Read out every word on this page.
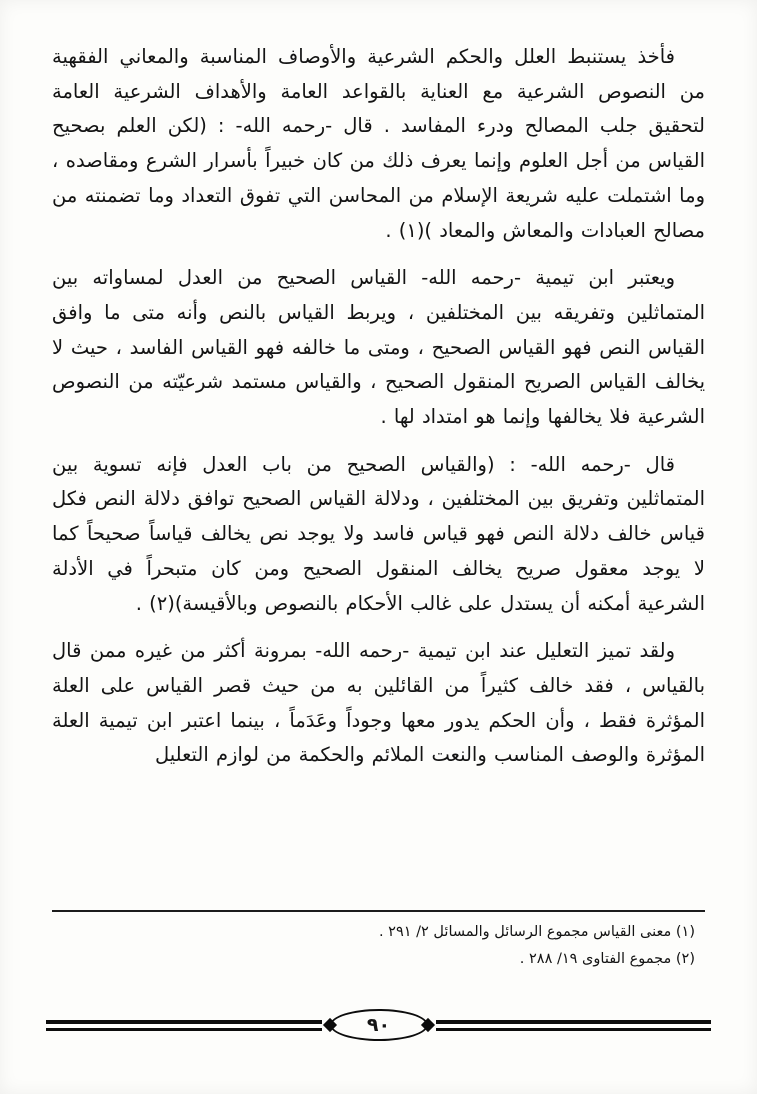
فأخذ يستنبط العلل والحكم الشرعية والأوصاف المناسبة والمعاني الفقهية من النصوص الشرعية مع العناية بالقواعد العامة والأهداف الشرعية العامة لتحقيق جلب المصالح ودرء المفاسد . قال -رحمه الله- : (لكن العلم بصحيح القياس من أجل العلوم وإنما يعرف ذلك من كان خبيراً بأسرار الشرع ومقاصده ، وما اشتملت عليه شريعة الإسلام من المحاسن التي تفوق التعداد وما تضمنته من مصالح العبادات والمعاش والمعاد )(١) .

ويعتبر ابن تيمية -رحمه الله- القياس الصحيح من العدل لمساواته بين المتماثلين وتفريقه بين المختلفين ، ويربط القياس بالنص وأنه متى ما وافق القياس النص فهو القياس الصحيح ، ومتى ما خالفه فهو القياس الفاسد ، حيث لا يخالف القياس الصريح المنقول الصحيح ، والقياس مستمد شرعيّته من النصوص الشرعية فلا يخالفها وإنما هو امتداد لها .

قال -رحمه الله- : (والقياس الصحيح من باب العدل فإنه تسوية بين المتماثلين وتفريق بين المختلفين ، ودلالة القياس الصحيح توافق دلالة النص فكل قياس خالف دلالة النص فهو قياس فاسد ولا يوجد نص يخالف قياساً صحيحاً كما لا يوجد معقول صريح يخالف المنقول الصحيح ومن كان متبحراً في الأدلة الشرعية أمكنه أن يستدل على غالب الأحكام بالنصوص وبالأقيسة)(٢) .

ولقد تميز التعليل عند ابن تيمية -رحمه الله- بمرونة أكثر من غيره ممن قال بالقياس ، فقد خالف كثيراً من القائلين به من حيث قصر القياس على العلة المؤثرة فقط ، وأن الحكم يدور معها وجوداً وعَدَماً ، بينما اعتبر ابن تيمية العلة المؤثرة والوصف المناسب والنعت الملائم والحكمة من لوازم التعليل

(١) معنى القياس مجموع الرسائل والمسائل ٢/ ٢٩١ .
(٢) مجموع الفتاوى ١٩/ ٢٨٨ .
٩٠
